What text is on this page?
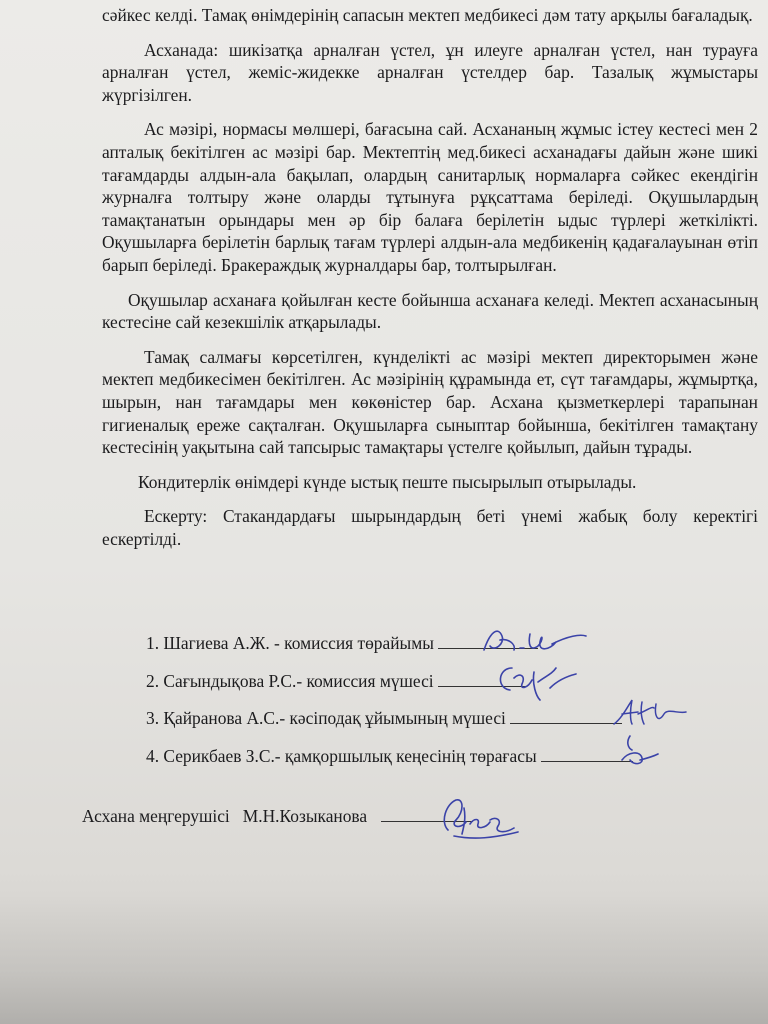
сәйкес келді. Тамақ өнімдерінің сапасын мектеп медбикесі дәм тату арқылы бағаладық.

Асханада: шикізатқа арналған үстел, ұн илеуге арналған үстел, нан турауға арналған үстел, жеміс-жидекке арналған үстелдер бар. Тазалық жұмыстары жүргізілген.

Ас мәзірі, нормасы мөлшері, бағасына сай. Асхананың жұмыс істеу кестесі мен 2 апталық бекітілген ас мәзірі бар. Мектептің мед.бикесі асханадағы дайын және шикі тағамдарды алдын-ала бақылап, олардың санитарлық нормаларға сәйкес екендігін журналға толтыру және оларды тұтынуға рұқсаттама беріледі. Оқушылардың тамақтанатын орындары мен әр бір балаға берілетін ыдыс түрлері жеткілікті. Оқушыларға берілетін барлық тағам түрлері алдын-ала медбикенің қадағалауынан өтіп барып беріледі. Бракераждық журналдары бар, толтырылған.

Оқушылар асханаға қойылған кесте бойынша асханаға келеді. Мектеп асханасының кестесіне сай кезекшілік атқарылады.

Тамақ салмағы көрсетілген, күнделікті ас мәзірі мектеп директорымен және мектеп медбикесімен бекітілген. Ас мәзірінің құрамында ет, сүт тағамдары, жұмыртқа, шырын, нан тағамдары мен көкөністер бар. Асхана қызметкерлері тарапынан гигиеналық ереже сақталған. Оқушыларға сыныптар бойынша, бекітілген тамақтану кестесінің уақытына сай тапсырыс тамақтары үстелге қойылып, дайын тұрады.

Кондитерлік өнімдері күнде ыстық пеште пысырылып отырылады.

Ескерту: Стакандардағы шырындардың беті үнемі жабық болу керектігі ескертілді.

1. Шагиева А.Ж. - комиссия төрайымы
2. Сағындықова Р.С.- комиссия мүшесі
3. Қайранова А.С.- кәсіподақ ұйымының мүшесі
4. Серикбаев З.С.- қамқоршылық кеңесінің төрағасы
Асхана меңгерушісі   М.Н.Козыканова
